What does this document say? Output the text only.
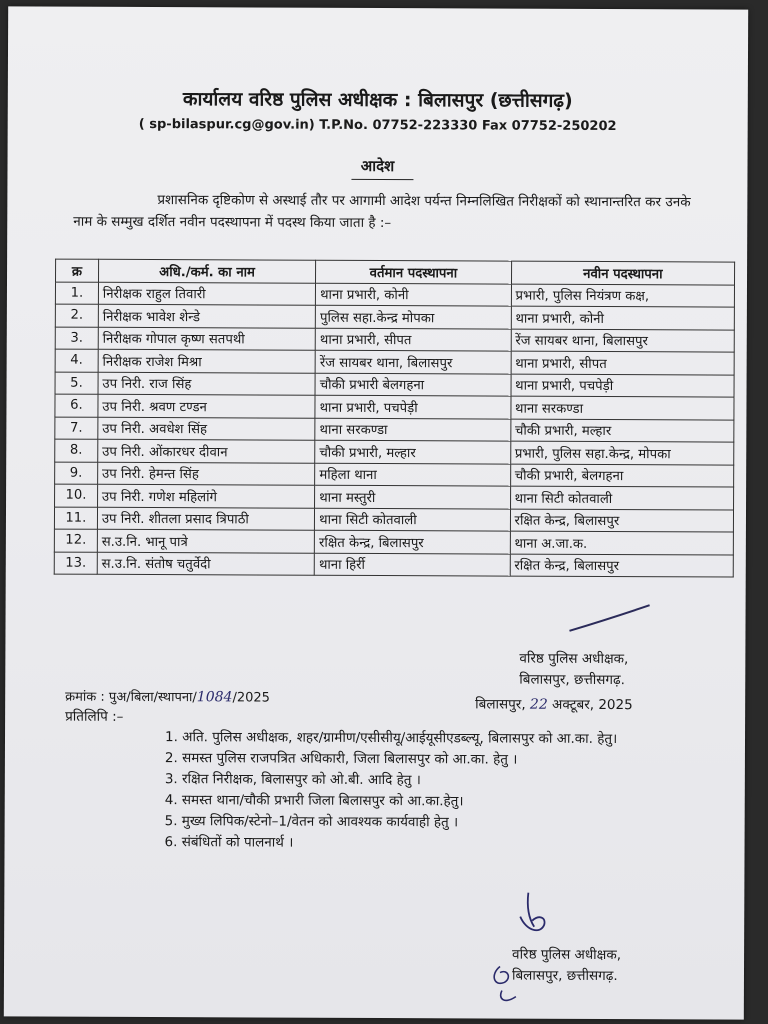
कार्यालय वरिष्ठ पुलिस अधीक्षक : बिलासपुर (छत्तीसगढ़)
( sp-bilaspur.cg@gov.in) T.P.No. 07752-223330 Fax 07752-250202
आदेश
प्रशासनिक दृष्टिकोण से अस्थाई तौर पर आगामी आदेश पर्यन्त निम्नलिखित निरीक्षकों को स्थानान्तरित कर उनके नाम के सम्मुख दर्शित नवीन पदस्थापना में पदस्थ किया जाता है :–
क्र	अधि./कर्म. का नाम	वर्तमान पदस्थापना	नवीन पदस्थापना
1.	निरीक्षक राहुल तिवारी	थाना प्रभारी, कोनी	प्रभारी, पुलिस नियंत्रण कक्ष,
2.	निरीक्षक भावेश शेन्डे	पुलिस सहा.केन्द्र मोपका	थाना प्रभारी, कोनी
3.	निरीक्षक गोपाल कृष्ण सतपथी	थाना प्रभारी, सीपत	रेंज सायबर थाना, बिलासपुर
4.	निरीक्षक राजेश मिश्रा	रेंज सायबर थाना, बिलासपुर	थाना प्रभारी, सीपत
5.	उप निरी. राज सिंह	चौकी प्रभारी बेलगहना	थाना प्रभारी, पचपेड़ी
6.	उप निरी. श्रवण टण्डन	थाना प्रभारी, पचपेड़ी	थाना सरकण्डा
7.	उप निरी. अवधेश सिंह	थाना सरकण्डा	चौकी प्रभारी, मल्हार
8.	उप निरी. ओंकारधर दीवान	चौकी प्रभारी, मल्हार	प्रभारी, पुलिस सहा.केन्द्र, मोपका
9.	उप निरी. हेमन्त सिंह	महिला थाना	चौकी प्रभारी, बेलगहना
10.	उप निरी. गणेश महिलांगे	थाना मस्तुरी	थाना सिटी कोतवाली
11.	उप निरी. शीतला प्रसाद त्रिपाठी	थाना सिटी कोतवाली	रक्षित केन्द्र, बिलासपुर
12.	स.उ.नि. भानू पात्रे	रक्षित केन्द्र, बिलासपुर	थाना अ.जा.क.
13.	स.उ.नि. संतोष चतुर्वेदी	थाना हिर्री	रक्षित केन्द्र, बिलासपुर
वरिष्ठ पुलिस अधीक्षक,
बिलासपुर, छत्तीसगढ़.
क्रमांक : पुअ/बिला/स्थापना/1084/2025	बिलासपुर, 22 अक्टूबर, 2025
प्रतिलिपि :–
1. अति. पुलिस अधीक्षक, शहर/ग्रामीण/एसीसीयू/आईयूसीएडब्ल्यू, बिलासपुर को आ.का. हेतु।
2. समस्त पुलिस राजपत्रित अधिकारी, जिला बिलासपुर को आ.का. हेतु ।
3. रक्षित निरीक्षक, बिलासपुर को ओ.बी. आदि हेतु ।
4. समस्त थाना/चौकी प्रभारी जिला बिलासपुर को आ.का.हेतु।
5. मुख्य लिपिक/स्टेनो–1/वेतन को आवश्यक कार्यवाही हेतु ।
6. संबंधितों को पालनार्थ ।
वरिष्ठ पुलिस अधीक्षक,
बिलासपुर, छत्तीसगढ़.
